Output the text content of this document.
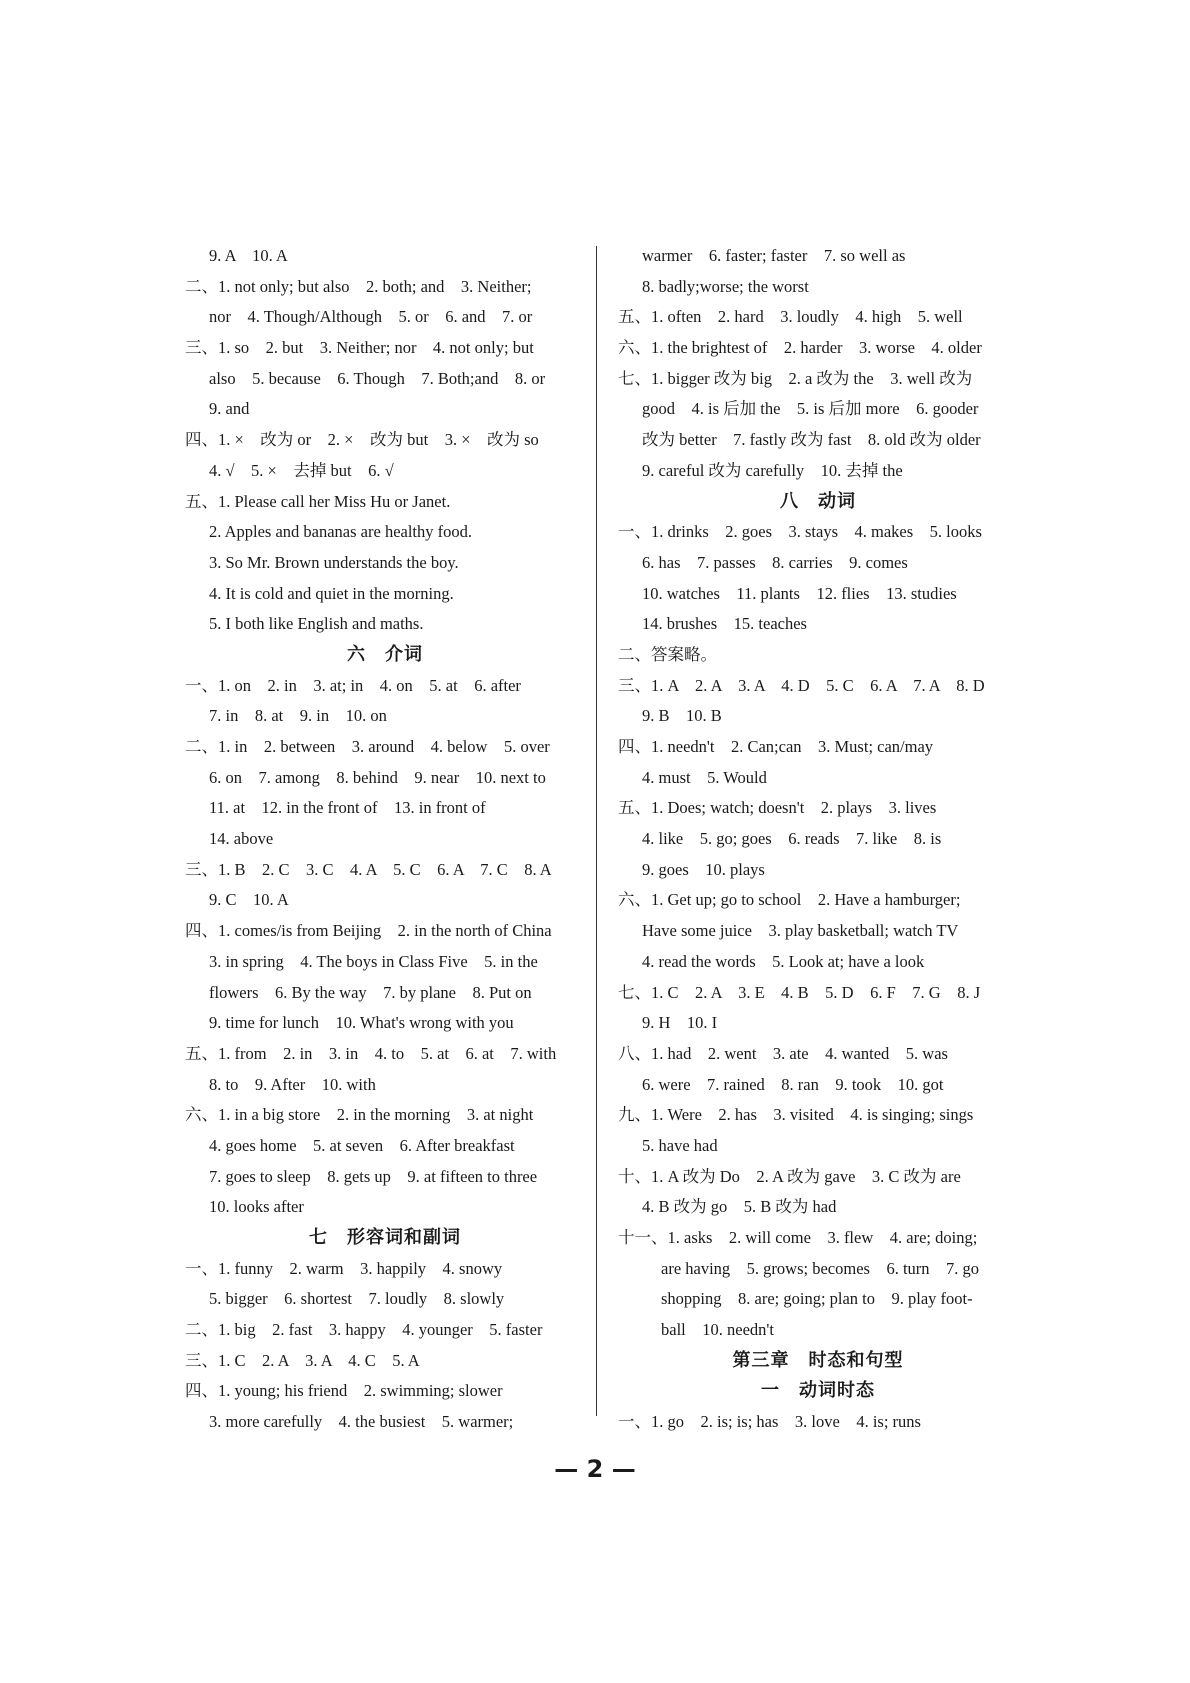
9. A　10. A
二、1. not only; but also　2. both; and　3. Neither;
nor　4. Though/Although　5. or　6. and　7. or
三、1. so　2. but　3. Neither; nor　4. not only; but
also　5. because　6. Though　7. Both;and　8. or
9. and
四、1. ×　改为 or　2. ×　改为 but　3. ×　改为 so
4. √　5. ×　去掉 but　6. √
五、1. Please call her Miss Hu or Janet.
2. Apples and bananas are healthy food.
3. So Mr. Brown understands the boy.
4. It is cold and quiet in the morning.
5. I both like English and maths.
六　介词
一、1. on　2. in　3. at; in　4. on　5. at　6. after
7. in　8. at　9. in　10. on
二、1. in　2. between　3. around　4. below　5. over
6. on　7. among　8. behind　9. near　10. next to
11. at　12. in the front of　13. in front of
14. above
三、1. B　2. C　3. C　4. A　5. C　6. A　7. C　8. A
9. C　10. A
四、1. comes/is from Beijing　2. in the north of China
3. in spring　4. The boys in Class Five　5. in the
flowers　6. By the way　7. by plane　8. Put on
9. time for lunch　10. What's wrong with you
五、1. from　2. in　3. in　4. to　5. at　6. at　7. with
8. to　9. After　10. with
六、1. in a big store　2. in the morning　3. at night
4. goes home　5. at seven　6. After breakfast
7. goes to sleep　8. gets up　9. at fifteen to three
10. looks after
七　形容词和副词
一、1. funny　2. warm　3. happily　4. snowy
5. bigger　6. shortest　7. loudly　8. slowly
二、1. big　2. fast　3. happy　4. younger　5. faster
三、1. C　2. A　3. A　4. C　5. A
四、1. young; his friend　2. swimming; slower
3. more carefully　4. the busiest　5. warmer;
warmer　6. faster; faster　7. so well as
8. badly;worse; the worst
五、1. often　2. hard　3. loudly　4. high　5. well
六、1. the brightest of　2. harder　3. worse　4. older
七、1. bigger 改为 big　2. a 改为 the　3. well 改为
good　4. is 后加 the　5. is 后加 more　6. gooder
改为 better　7. fastly 改为 fast　8. old 改为 older
9. careful 改为 carefully　10. 去掉 the
八　动词
一、1. drinks　2. goes　3. stays　4. makes　5. looks
6. has　7. passes　8. carries　9. comes
10. watches　11. plants　12. flies　13. studies
14. brushes　15. teaches
二、答案略。
三、1. A　2. A　3. A　4. D　5. C　6. A　7. A　8. D
9. B　10. B
四、1. needn't　2. Can;can　3. Must; can/may
4. must　5. Would
五、1. Does; watch; doesn't　2. plays　3. lives
4. like　5. go; goes　6. reads　7. like　8. is
9. goes　10. plays
六、1. Get up; go to school　2. Have a hamburger;
Have some juice　3. play basketball; watch TV
4. read the words　5. Look at; have a look
七、1. C　2. A　3. E　4. B　5. D　6. F　7. G　8. J
9. H　10. I
八、1. had　2. went　3. ate　4. wanted　5. was
6. were　7. rained　8. ran　9. took　10. got
九、1. Were　2. has　3. visited　4. is singing; sings
5. have had
十、1. A 改为 Do　2. A 改为 gave　3. C 改为 are
4. B 改为 go　5. B 改为 had
十一、1. asks　2. will come　3. flew　4. are; doing;
are having　5. grows; becomes　6. turn　7. go
shopping　8. are; going; plan to　9. play foot-
ball　10. needn't
第三章　时态和句型
一　动词时态
一、1. go　2. is; is; has　3. love　4. is; runs
— 2 —
